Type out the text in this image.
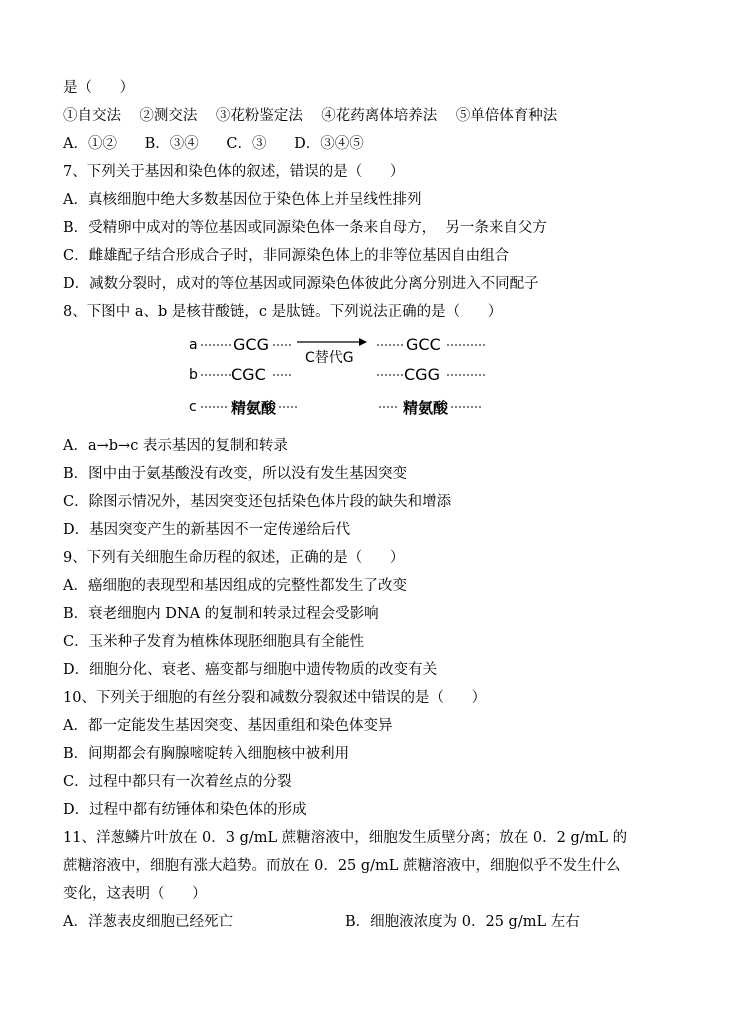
是（      ）
①自交法    ②测交法    ③花粉鉴定法    ④花药离体培养法    ⑤单倍体育种法
A．①②      B．③④      C．③      D．③④⑤
7、下列关于基因和染色体的叙述，错误的是（      ）
A．真核细胞中绝大多数基因位于染色体上并呈线性排列
B．受精卵中成对的等位基因或同源染色体一条来自母方，  另一条来自父方
C．雌雄配子结合形成合子时，非同源染色体上的非等位基因自由组合
D．减数分裂时，成对的等位基因或同源染色体彼此分离分别进入不同配子
8、下图中 a、b 是核苷酸链，c 是肽链。下列说法正确的是（      ）
a
b
c
GCG
CGC
精氨酸
C替代G
GCC
CGG
精氨酸
A．a→b→c 表示基因的复制和转录
B．图中由于氨基酸没有改变，所以没有发生基因突变
C．除图示情况外，基因突变还包括染色体片段的缺失和增添
D．基因突变产生的新基因不一定传递给后代
9、下列有关细胞生命历程的叙述，正确的是（      ）
A．癌细胞的表现型和基因组成的完整性都发生了改变
B．衰老细胞内 DNA 的复制和转录过程会受影响
C．玉米种子发育为植株体现胚细胞具有全能性
D．细胞分化、衰老、癌变都与细胞中遗传物质的改变有关
10、下列关于细胞的有丝分裂和减数分裂叙述中错误的是（      ）
A．都一定能发生基因突变、基因重组和染色体变异
B．间期都会有胸腺嘧啶转入细胞核中被利用
C．过程中都只有一次着丝点的分裂
D．过程中都有纺锤体和染色体的形成
11、洋葱鳞片叶放在 0．3 g/mL 蔗糖溶液中，细胞发生质壁分离；放在 0．2 g/mL 的
蔗糖溶液中，细胞有涨大趋势。而放在 0．25 g/mL 蔗糖溶液中，细胞似乎不发生什么
变化，这表明（      ）
A．洋葱表皮细胞已经死亡	B．细胞液浓度为 0．25 g/mL 左右
